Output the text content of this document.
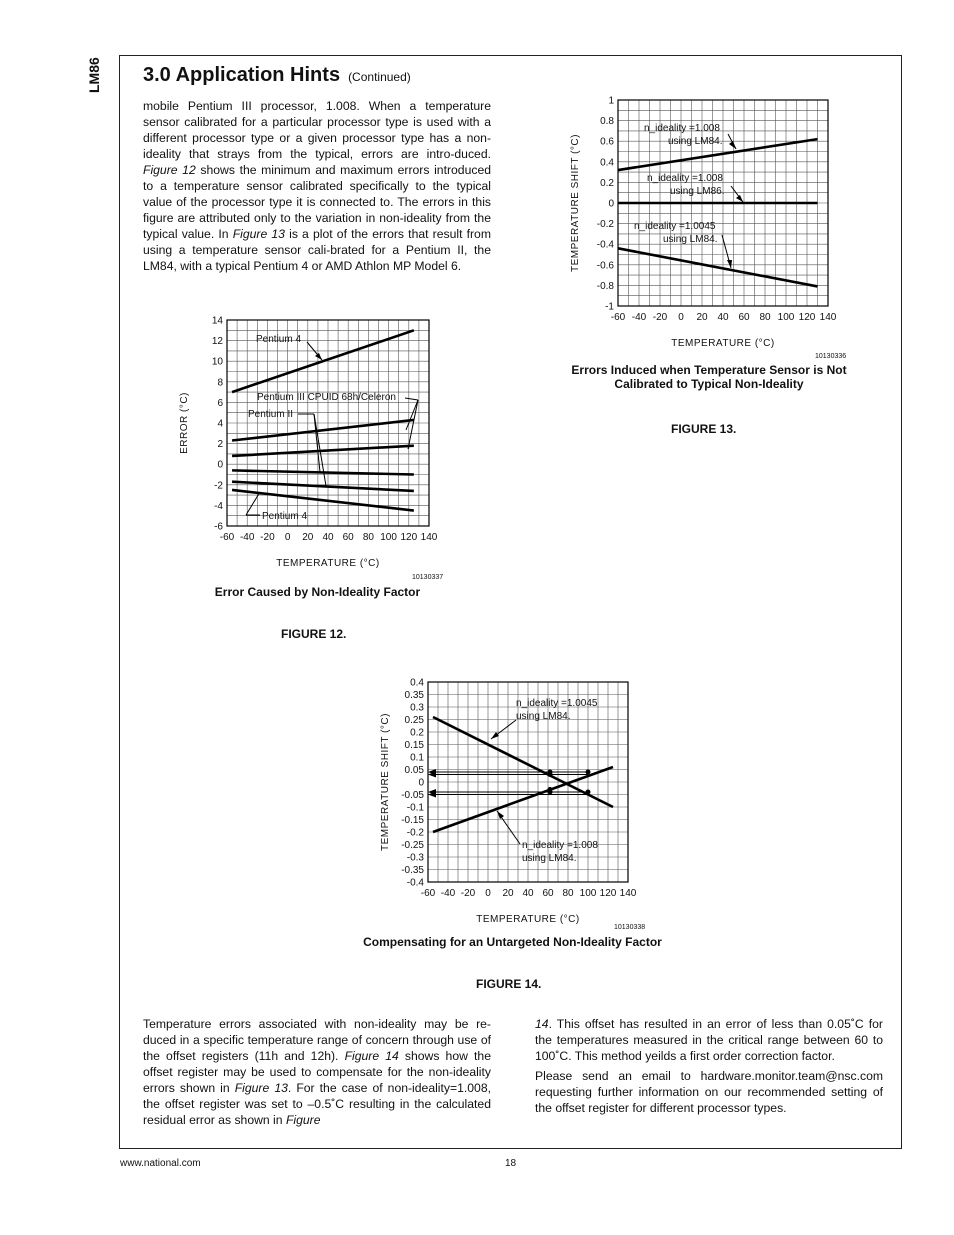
LM86	3.0 Application Hints (Continued)

mobile Pentium III processor, 1.008. When a temperature sensor calibrated for a particular processor type is used with a different processor type or a given processor type has a non-ideality that strays from the typical, errors are intro-duced. Figure 12 shows the minimum and maximum errors introduced to a temperature sensor calibrated specifically to the typical value of the processor type it is connected to. The errors in this figure are attributed only to the variation in non-ideality from the typical value. In Figure 13 is a plot of the errors that result from using a temperature sensor cali-brated for a Pentium II, the LM84, with a typical Pentium 4 or AMD Athlon MP Model 6.

-60 -40 -20 0 20 40 60 80 100 120 140
14
12
10
8
6
4
2
0
-2
-4
-6
TEMPERATURE (°C)
ERROR (°C)
Pentium 4
Pentium III CPUID 68h/Celeron
Pentium II
Pentium 4
10130337
Error Caused by Non-Ideality Factor
FIGURE 12.
-60 -40 -20 0 20 40 60 80 100 120 140
1
0.8
0.6
0.4
0.2
0
-0.2
-0.4
-0.6
-0.8
-1
TEMPERATURE (°C)
TEMPERATURE SHIFT (°C)
n_ideality =1.008
using LM84.
n_ideality =1.008
using LM86.
n_ideality =1.0045
using LM84.
10130336
Errors Induced when Temperature Sensor is Not Calibrated to Typical Non-Ideality
FIGURE 13.
-60 -40 -20 0 20 40 60 80 100 120 140
0.4
0.35
0.3
0.25
0.2
0.15
0.1
0.05
0
-0.05
-0.1
-0.15
-0.2
-0.25
-0.3
-0.35
-0.4
TEMPERATURE (°C)
TEMPERATURE SHIFT (°C)
n_ideality =1.0045
using LM84.
n_ideality =1.008
using LM84.
10130338
Compensating for an Untargeted Non-Ideality Factor
FIGURE 14.

Temperature errors associated with non-ideality may be re-duced in a specific temperature range of concern through use of the offset registers (11h and 12h). Figure 14 shows how the offset register may be used to compensate for the non-ideality errors shown in Figure 13. For the case of non-ideality=1.008, the offset register was set to –0.5˚C resulting in the calculated residual error as shown in Figure

14. This offset has resulted in an error of less than 0.05˚C for the temperatures measured in the critical range between 60 to 100˚C. This method yeilds a first order correction factor.

Please send an email to hardware.monitor.team@nsc.com requesting further information on our recommended setting of the offset register for different processor types.

www.national.com	18
